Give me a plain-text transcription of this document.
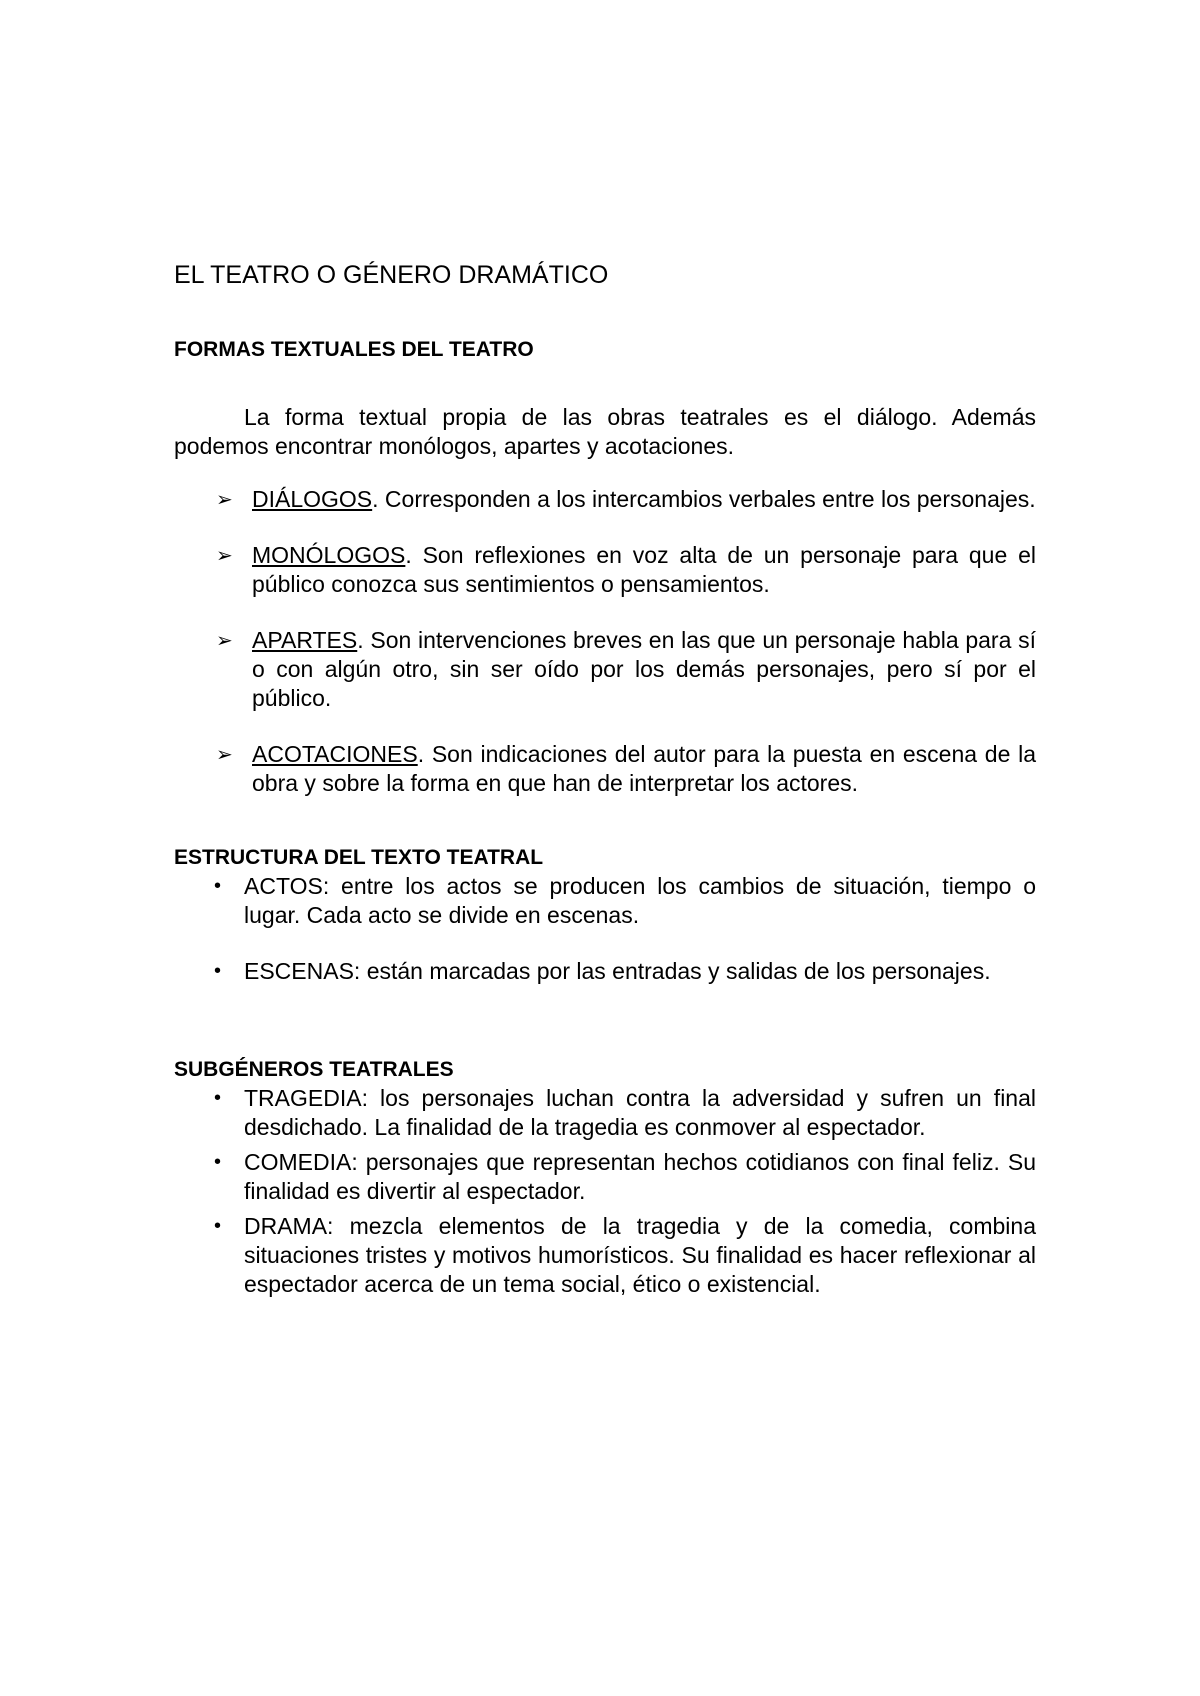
EL TEATRO O GÉNERO DRAMÁTICO
FORMAS TEXTUALES DEL TEATRO

La forma textual propia de las obras teatrales es el diálogo. Además podemos encontrar monólogos, apartes y acotaciones.

➢ DIÁLOGOS. Corresponden a los intercambios verbales entre los personajes.
➢ MONÓLOGOS. Son reflexiones en voz alta de un personaje para que el público conozca sus sentimientos o pensamientos.
➢ APARTES. Son intervenciones breves en las que un personaje habla para sí o con algún otro, sin ser oído por los demás personajes, pero sí por el público.
➢ ACOTACIONES. Son indicaciones del autor para la puesta en escena de la obra y sobre la forma en que han de interpretar los actores.
ESTRUCTURA DEL TEXTO TEATRAL
• ACTOS: entre los actos se producen los cambios de situación, tiempo o lugar. Cada acto se divide en escenas.
• ESCENAS: están marcadas por las entradas y salidas de los personajes.
SUBGÉNEROS TEATRALES
• TRAGEDIA: los personajes luchan contra la adversidad y sufren un final desdichado. La finalidad de la tragedia es conmover al espectador.
• COMEDIA: personajes que representan hechos cotidianos con final feliz. Su finalidad es divertir al espectador.
• DRAMA: mezcla elementos de la tragedia y de la comedia, combina situaciones tristes y motivos humorísticos. Su finalidad es hacer reflexionar al espectador acerca de un tema social, ético o existencial.
